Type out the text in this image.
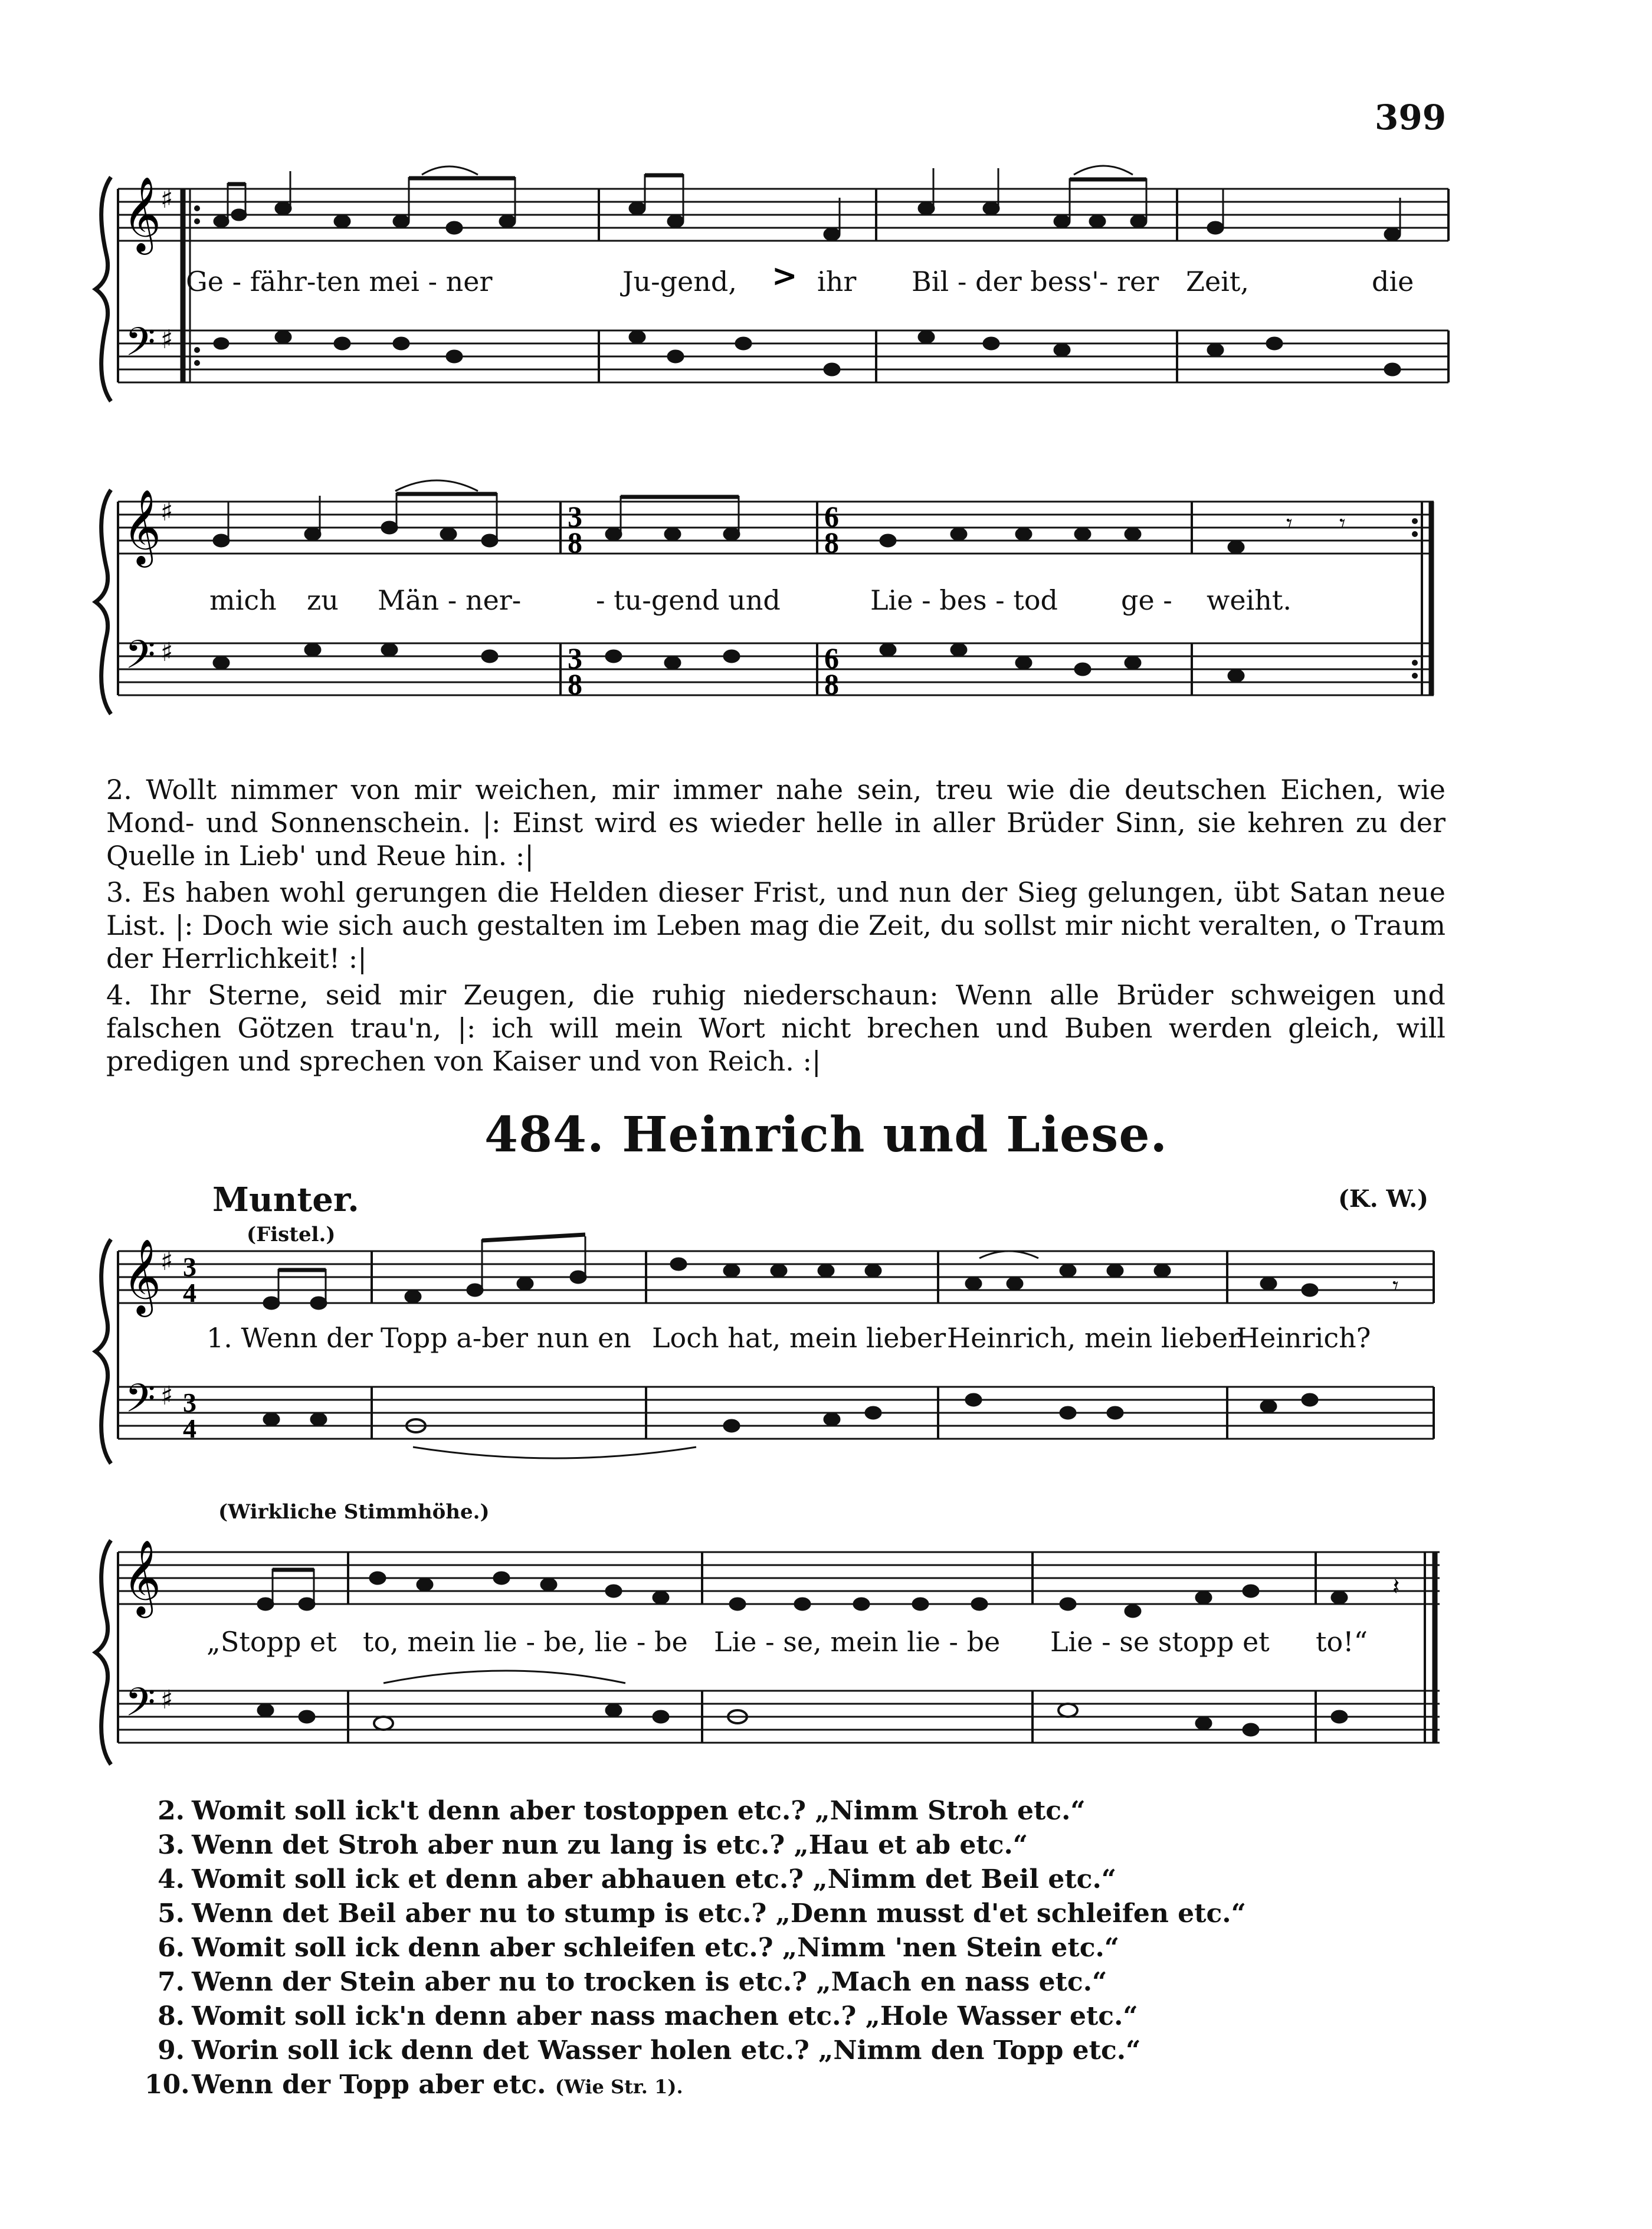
399
𝄞
𝄢
♯
♯
>
Ge - fähr-ten mei - ner	Ju-gend,	ihr Bil - der bess'- rer Zeit,	die
𝄞
𝄢
♯
♯
3
8
3
8
6
8
6
8
𝄾 𝄾
mich zu Män - ner-	- tu-gend und	Lie - bes - tod ge - weiht.

2. Wollt nimmer von mir weichen, mir immer nahe sein, treu wie die deutschen Eichen, wie Mond- und Sonnenschein. |: Einst wird es wieder helle in aller Brüder Sinn, sie kehren zu der Quelle in Lieb' und Reue hin. :|

3. Es haben wohl gerungen die Helden dieser Frist, und nun der Sieg gelungen, übt Satan neue List. |: Doch wie sich auch gestalten im Leben mag die Zeit, du sollst mir nicht veralten, o Traum der Herrlichkeit! :|

4. Ihr Sterne, seid mir Zeugen, die ruhig niederschaun: Wenn alle Brüder schweigen und falschen Götzen trau'n, |: ich will mein Wort nicht brechen und Buben werden gleich, will predigen und sprechen von Kaiser und von Reich. :|

484. Heinrich und Liese.
Munter.
(Fistel.)
(K. W.)
𝄞
𝄢
♯
♯
3
4
3
4
𝄾
1. Wenn der Topp a-ber nun en Loch hat, mein lieber Heinrich, mein lieber
Heinrich?
(Wirkliche Stimmhöhe.)
𝄞
𝄢 ♯
𝄽
„Stopp et to, mein lie - be, lie - be Lie - se, mein lie - be Lie - se stopp et to!“
2. Womit soll ick't denn aber tostoppen etc.? „Nimm Stroh etc.“
3. Wenn det Stroh aber nun zu lang is etc.? „Hau et ab etc.“
4. Womit soll ick et denn aber abhauen etc.? „Nimm det Beil etc.“
5. Wenn det Beil aber nu to stump is etc.? „Denn musst d'et schleifen etc.“
6. Womit soll ick denn aber schleifen etc.? „Nimm 'nen Stein etc.“
7. Wenn der Stein aber nu to trocken is etc.? „Mach en nass etc.“
8. Womit soll ick'n denn aber nass machen etc.? „Hole Wasser etc.“
9. Worin soll ick denn det Wasser holen etc.? „Nimm den Topp etc.“
10.Wenn der Topp aber etc. (Wie Str. 1).
